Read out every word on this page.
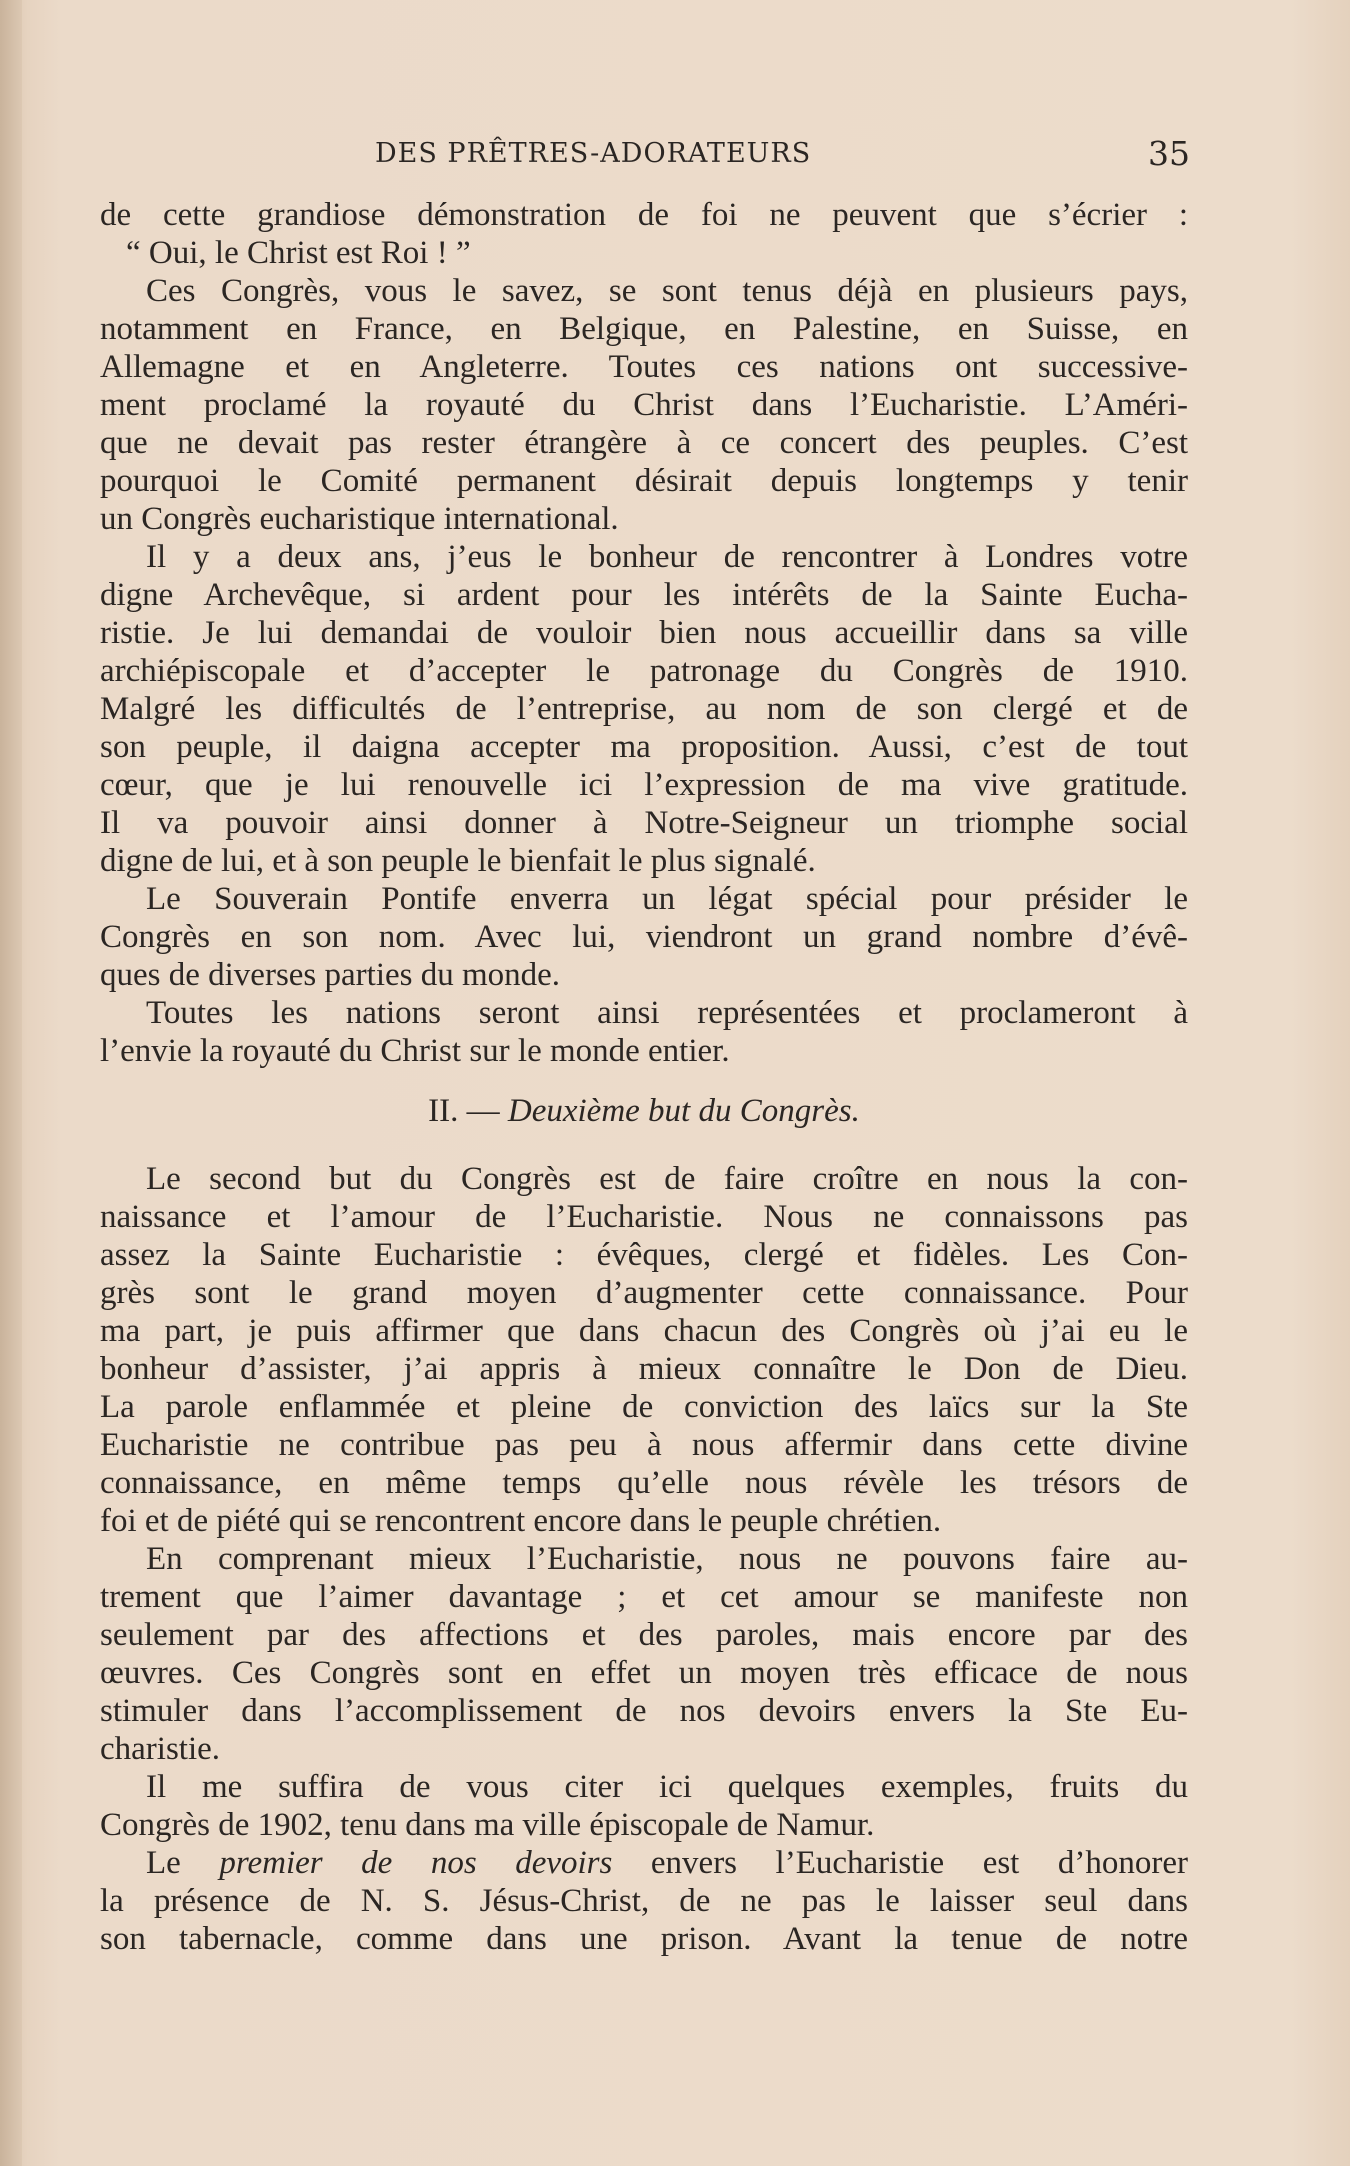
DES PRÊTRES-ADORATEURS	35
de cette grandiose démonstration de foi ne peuvent que s’écrier :
“ Oui, le Christ est Roi ! ”
Ces Congrès, vous le savez, se sont tenus déjà en plusieurs pays,
notamment en France, en Belgique, en Palestine, en Suisse, en
Allemagne et en Angleterre. Toutes ces nations ont successive-
ment proclamé la royauté du Christ dans l’Eucharistie. L’Améri-
que ne devait pas rester étrangère à ce concert des peuples. C’est
pourquoi le Comité permanent désirait depuis longtemps y tenir
un Congrès eucharistique international.
Il y a deux ans, j’eus le bonheur de rencontrer à Londres votre
digne Archevêque, si ardent pour les intérêts de la Sainte Eucha-
ristie. Je lui demandai de vouloir bien nous accueillir dans sa ville
archiépiscopale et d’accepter le patronage du Congrès de 1910.
Malgré les difficultés de l’entreprise, au nom de son clergé et de
son peuple, il daigna accepter ma proposition. Aussi, c’est de tout
cœur, que je lui renouvelle ici l’expression de ma vive gratitude.
Il va pouvoir ainsi donner à Notre-Seigneur un triomphe social
digne de lui, et à son peuple le bienfait le plus signalé.
Le Souverain Pontife enverra un légat spécial pour présider le
Congrès en son nom. Avec lui, viendront un grand nombre d’évê-
ques de diverses parties du monde.
Toutes les nations seront ainsi représentées et proclameront à
l’envie la royauté du Christ sur le monde entier.
II. — Deuxième but du Congrès.
Le second but du Congrès est de faire croître en nous la con-
naissance et l’amour de l’Eucharistie. Nous ne connaissons pas
assez la Sainte Eucharistie : évêques, clergé et fidèles. Les Con-
grès sont le grand moyen d’augmenter cette connaissance. Pour
ma part, je puis affirmer que dans chacun des Congrès où j’ai eu le
bonheur d’assister, j’ai appris à mieux connaître le Don de Dieu.
La parole enflammée et pleine de conviction des laïcs sur la Ste
Eucharistie ne contribue pas peu à nous affermir dans cette divine
connaissance, en même temps qu’elle nous révèle les trésors de
foi et de piété qui se rencontrent encore dans le peuple chrétien.
En comprenant mieux l’Eucharistie, nous ne pouvons faire au-
trement que l’aimer davantage ; et cet amour se manifeste non
seulement par des affections et des paroles, mais encore par des
œuvres. Ces Congrès sont en effet un moyen très efficace de nous
stimuler dans l’accomplissement de nos devoirs envers la Ste Eu-
charistie.
Il me suffira de vous citer ici quelques exemples, fruits du
Congrès de 1902, tenu dans ma ville épiscopale de Namur.
Le premier de nos devoirs envers l’Eucharistie est d’honorer
la présence de N. S. Jésus-Christ, de ne pas le laisser seul dans
son tabernacle, comme dans une prison. Avant la tenue de notre
